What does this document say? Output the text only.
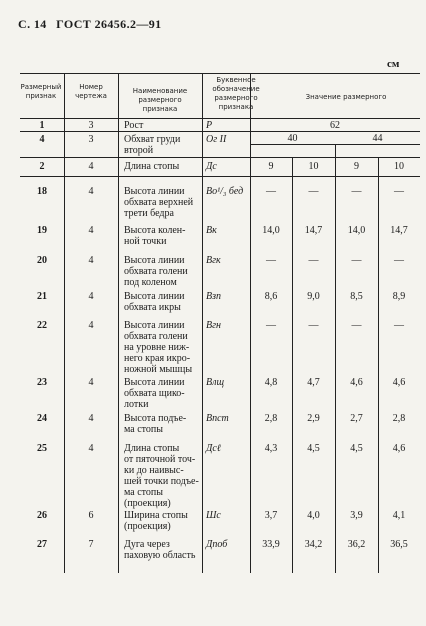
С. 14 ГОСТ 26456.2—91
см
Размерный признак
Номер чертежа
Наименование размерного признака
Буквенное обозначение размерного признака
Значение размерного
1	3	Рост	P	62
4	3	Обхват груди
второй
Oг II	40	44
2	4	Длина стопы	Дс	9	10	9	10
18	4	Высота линии
обхвата верхней
трети бедра
Bо¹/₃ бед	—	—	—	—
19	4	Высота колен-
ной точки
Bк	14,0	14,7	14,0	14,7
20	4	Высота линии
обхвата голени
под коленом
Bгк	—	—	—	—
21	4	Высота линии
обхвата икры
Bзп	8,6	9,0	8,5	8,9
22	4	Высота линии
обхвата голени
на уровне ниж-
него края икро-
ножной мышцы
Bгн	—	—	—	—
23	4	Высота линии
обхвата щико-
лотки
Bлщ	4,8	4,7	4,6	4,6
24	4	Высота подъе-
ма стопы
Bпст	2,8	2,9	2,7	2,8
25	4	Длина стопы
от пяточной точ-
ки до наивыс-
шей точки подъе-
ма стопы
(проекция)
Дсℓ	4,3	4,5	4,5	4,6
26	6	Ширина стопы
(проекция)
Шс	3,7	4,0	3,9	4,1
27	7	Дуга через
паховую область
Дпоб	33,9	34,2	36,2	36,5
